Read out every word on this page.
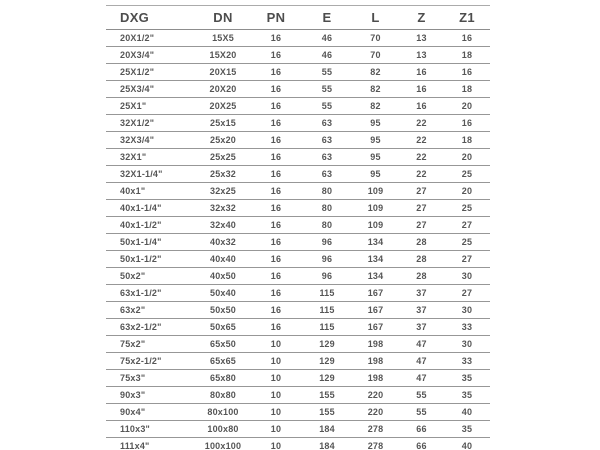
DXG	DN	PN	E	L	Z	Z1
20X1/2"	15X5	16	46	70	13	16
20X3/4"	15X20	16	46	70	13	18
25X1/2"	20X15	16	55	82	16	16
25X3/4"	20X20	16	55	82	16	18
25X1"	20X25	16	55	82	16	20
32X1/2"	25x15	16	63	95	22	16
32X3/4"	25x20	16	63	95	22	18
32X1"	25x25	16	63	95	22	20
32X1-1/4"	25x32	16	63	95	22	25
40x1"	32x25	16	80	109	27	20
40x1-1/4"	32x32	16	80	109	27	25
40x1-1/2"	32x40	16	80	109	27	27
50x1-1/4"	40x32	16	96	134	28	25
50x1-1/2"	40x40	16	96	134	28	27
50x2"	40x50	16	96	134	28	30
63x1-1/2"	50x40	16	115	167	37	27
63x2"	50x50	16	115	167	37	30
63x2-1/2"	50x65	16	115	167	37	33
75x2"	65x50	10	129	198	47	30
75x2-1/2"	65x65	10	129	198	47	33
75x3"	65x80	10	129	198	47	35
90x3"	80x80	10	155	220	55	35
90x4"	80x100	10	155	220	55	40
110x3"	100x80	10	184	278	66	35
111x4"	100x100	10	184	278	66	40
